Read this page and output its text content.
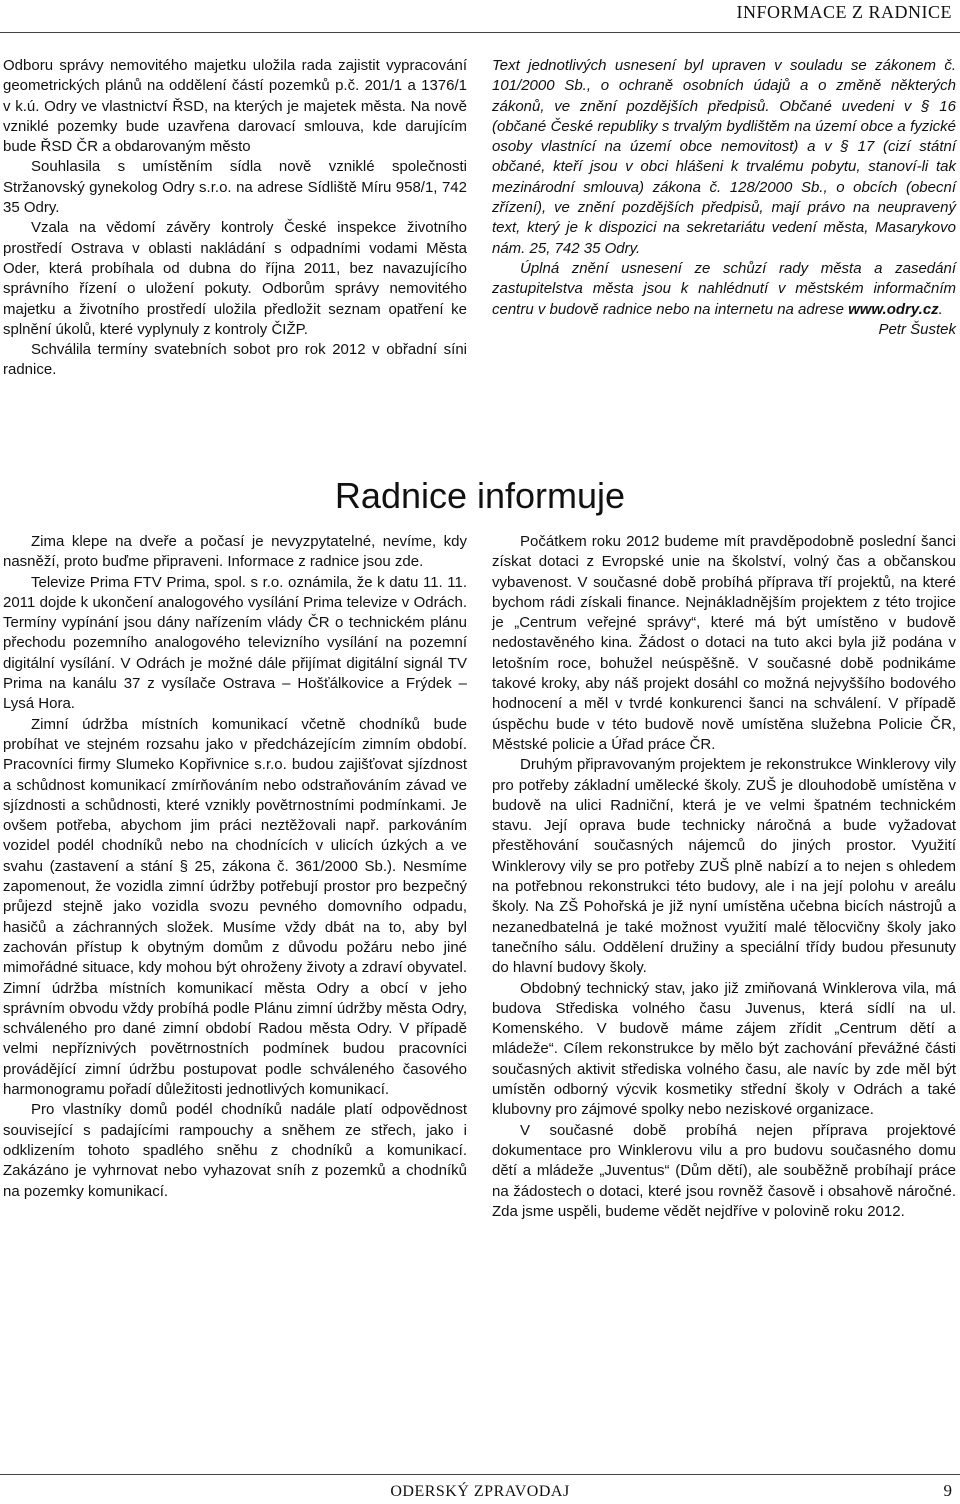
INFORMACE Z RADNICE

Odboru správy nemovitého majetku uložila rada zajistit vypracování geometrických plánů na oddělení částí pozemků p.č. 201/1 a 1376/1 v k.ú. Odry ve vlastnictví ŘSD, na kterých je majetek města. Na nově vzniklé pozemky bude uzavřena darovací smlouva, kde darujícím bude ŘSD ČR a obdarovaným město

Souhlasila s umístěním sídla nově vzniklé společnosti Stržanovský gynekolog Odry s.r.o. na adrese Sídliště Míru 958/1, 742 35 Odry.

Vzala na vědomí závěry kontroly České inspekce životního prostředí Ostrava v oblasti nakládání s odpadními vodami Města Oder, která probíhala od dubna do října 2011, bez navazujícího správního řízení o uložení pokuty. Odborům správy nemovitého majetku a životního prostředí uložila předložit seznam opatření ke splnění úkolů, které vyplynuly z kontroly ČIŽP.

Schválila termíny svatebních sobot pro rok 2012 v obřadní síni radnice.

Text jednotlivých usnesení byl upraven v souladu se zákonem č. 101/2000 Sb., o ochraně osobních údajů a o změně některých zákonů, ve znění pozdějších předpisů. Občané uvedeni v § 16 (občané České republiky s trvalým bydlištěm na území obce a fyzické osoby vlastnící na území obce nemovitost) a v § 17 (cizí státní občané, kteří jsou v obci hlášeni k trvalému pobytu, stanoví-li tak mezinárodní smlouva) zákona č. 128/2000 Sb., o obcích (obecní zřízení), ve znění pozdějších předpisů, mají právo na neupravený text, který je k dispozici na sekretariátu vedení města, Masarykovo nám. 25, 742 35 Odry.

Úplná znění usnesení ze schůzí rady města a zasedání zastupitelstva města jsou k nahlédnutí v městském informačním centru v budově radnice nebo na internetu na adrese www.odry.cz.

Petr Šustek

Radnice informuje

Zima klepe na dveře a počasí je nevyzpytatelné, nevíme, kdy nasněží, proto buďme připraveni. Informace z radnice jsou zde.

Televize Prima FTV Prima, spol. s r.o. oznámila, že k datu 11. 11. 2011 dojde k ukončení analogového vysílání Prima televize v Odrách. Termíny vypínání jsou dány nařízením vlády ČR o technickém plánu přechodu pozemního analogového televizního vysílání na pozemní digitální vysílání. V Odrách je možné dále přijímat digitální signál TV Prima na kanálu 37 z vysílače Ostrava – Hošťálkovice a Frýdek – Lysá Hora.

Zimní údržba místních komunikací včetně chodníků bude probíhat ve stejném rozsahu jako v předcházejícím zimním období. Pracovníci firmy Slumeko Kopřivnice s.r.o. budou zajišťovat sjízdnost a schůdnost komunikací zmírňováním nebo odstraňováním závad ve sjízdnosti a schůdnosti, které vznikly povětrnostními podmínkami. Je ovšem potřeba, abychom jim práci neztěžovali např. parkováním vozidel podél chodníků nebo na chodnících v ulicích úzkých a ve svahu (zastavení a stání § 25, zákona č. 361/2000 Sb.). Nesmíme zapomenout, že vozidla zimní údržby potřebují prostor pro bezpečný průjezd stejně jako vozidla svozu pevného domovního odpadu, hasičů a záchranných složek. Musíme vždy dbát na to, aby byl zachován přístup k obytným domům z důvodu požáru nebo jiné mimořádné situace, kdy mohou být ohroženy životy a zdraví obyvatel. Zimní údržba místních komunikací města Odry a obcí v jeho správním obvodu vždy probíhá podle Plánu zimní údržby města Odry, schváleného pro dané zimní období Radou města Odry. V případě velmi nepříznivých povětrnostních podmínek budou pracovníci provádějící zimní údržbu postupovat podle schváleného časového harmonogramu pořadí důležitosti jednotlivých komunikací.

Pro vlastníky domů podél chodníků nadále platí odpovědnost související s padajícími rampouchy a sněhem ze střech, jako i odklizením tohoto spadlého sněhu z chodníků a komunikací. Zakázáno je vyhrnovat nebo vyhazovat sníh z pozemků a chodníků na pozemky komunikací.

Počátkem roku 2012 budeme mít pravděpodobně poslední šanci získat dotaci z Evropské unie na školství, volný čas a občanskou vybavenost. V současné době probíhá příprava tří projektů, na které bychom rádi získali finance. Nejnákladnějším projektem z této trojice je „Centrum veřejné správy“, které má být umístěno v budově nedostavěného kina. Žádost o dotaci na tuto akci byla již podána v letošním roce, bohužel neúspěšně. V současné době podnikáme takové kroky, aby náš projekt dosáhl co možná nejvyššího bodového hodnocení a měl v tvrdé konkurenci šanci na schválení. V případě úspěchu bude v této budově nově umístěna služebna Policie ČR, Městské policie a Úřad práce ČR.

Druhým připravovaným projektem je rekonstrukce Winklerovy vily pro potřeby základní umělecké školy. ZUŠ je dlouhodobě umístěna v budově na ulici Radniční, která je ve velmi špatném technickém stavu. Její oprava bude technicky náročná a bude vyžadovat přestěhování současných nájemců do jiných prostor. Využití Winklerovy vily se pro potřeby ZUŠ plně nabízí a to nejen s ohledem na potřebnou rekonstrukci této budovy, ale i na její polohu v areálu školy. Na ZŠ Pohořská je již nyní umístěna učebna bicích nástrojů a nezanedbatelná je také možnost využití malé tělocvičny školy jako tanečního sálu. Oddělení družiny a speciální třídy budou přesunuty do hlavní budovy školy.

Obdobný technický stav, jako již zmiňovaná Winklerova vila, má budova Střediska volného času Juvenus, která sídlí na ul. Komenského. V budově máme zájem zřídit „Centrum dětí a mládeže“. Cílem rekonstrukce by mělo být zachování převážné části současných aktivit střediska volného času, ale navíc by zde měl být umístěn odborný výcvik kosmetiky střední školy v Odrách a také klubovny pro zájmové spolky nebo neziskové organizace.

V současné době probíhá nejen příprava projektové dokumentace pro Winklerovu vilu a pro budovu současného domu dětí a mládeže „Juventus“ (Dům dětí), ale souběžně probíhají práce na žádostech o dotaci, které jsou rovněž časově i obsahově náročné. Zda jsme uspěli, budeme vědět nejdříve v polovině roku 2012.

ODERSKÝ ZPRAVODAJ	9
